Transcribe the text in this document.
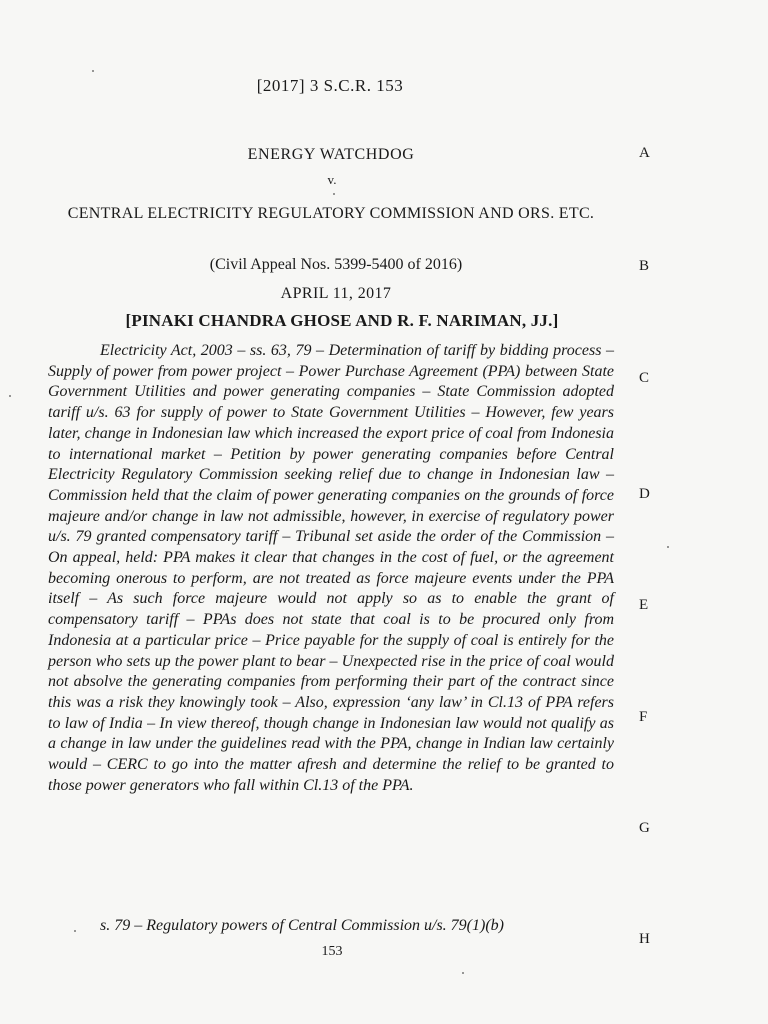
[2017] 3 S.C.R. 153
ENERGY WATCHDOG
v.
CENTRAL ELECTRICITY REGULATORY COMMISSION AND ORS. ETC.
(Civil Appeal Nos. 5399-5400 of 2016)
APRIL 11, 2017
[PINAKI CHANDRA GHOSE AND R. F. NARIMAN, JJ.]

Electricity Act, 2003 – ss. 63, 79 – Determination of tariff by bidding process – Supply of power from power project – Power Purchase Agreement (PPA) between State Government Utilities and power generating companies – State Commission adopted tariff u/s. 63 for supply of power to State Government Utilities – However, few years later, change in Indonesian law which increased the export price of coal from Indonesia to international market – Petition by power generating companies before Central Electricity Regulatory Commission seeking relief due to change in Indonesian law – Commission held that the claim of power generating companies on the grounds of force majeure and/or change in law not admissible, however, in exercise of regulatory power u/s. 79 granted compensatory tariff – Tribunal set aside the order of the Commission – On appeal, held: PPA makes it clear that changes in the cost of fuel, or the agreement becoming onerous to perform, are not treated as force majeure events under the PPA itself – As such force majeure would not apply so as to enable the grant of compensatory tariff – PPAs does not state that coal is to be procured only from Indonesia at a particular price – Price payable for the supply of coal is entirely for the person who sets up the power plant to bear – Unexpected rise in the price of coal would not absolve the generating companies from performing their part of the contract since this was a risk they knowingly took – Also, expression ‘any law’ in Cl.13 of PPA refers to law of India – In view thereof, though change in Indonesian law would not qualify as a change in law under the guidelines read with the PPA, change in Indian law certainly would – CERC to go into the matter afresh and determine the relief to be granted to those power generators who fall within Cl.13 of the PPA.

s. 79 – Regulatory powers of Central Commission u/s. 79(1)(b)

153
A
B
C
D
E
F
G
H
